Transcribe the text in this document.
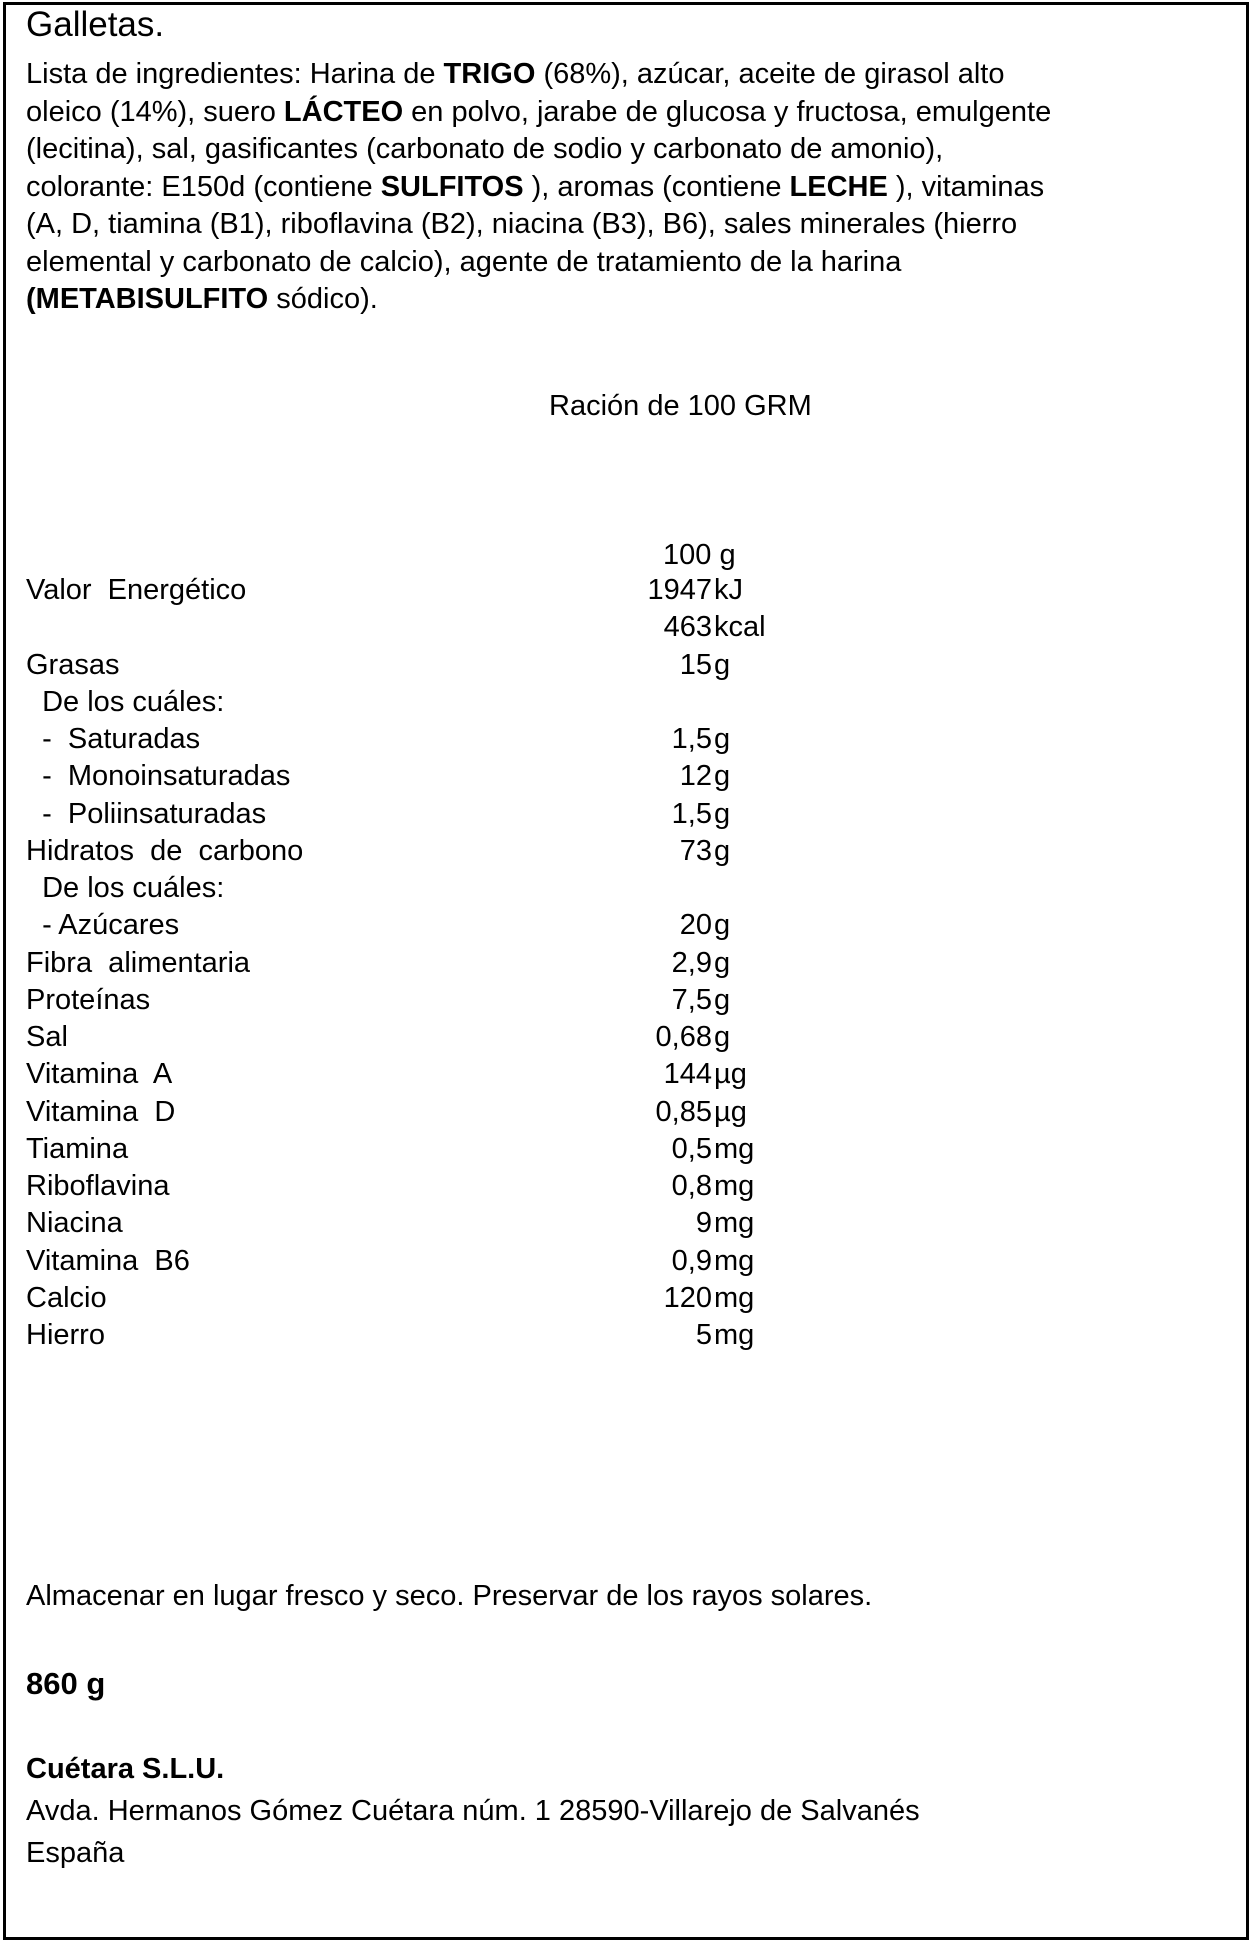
Galletas.
Lista de ingredientes: Harina de TRIGO (68%), azúcar, aceite de girasol alto
oleico (14%), suero LÁCTEO en polvo, jarabe de glucosa y fructosa, emulgente
(lecitina), sal, gasificantes (carbonato de sodio y carbonato de amonio),
colorante: E150d (contiene SULFITOS ), aromas (contiene LECHE ), vitaminas
(A, D, tiamina (B1), riboflavina (B2), niacina (B3), B6), sales minerales (hierro
elemental y carbonato de calcio), agente de tratamiento de la harina
(METABISULFITO sódico).
Ración de 100 GRM
100 g
Valor  Energético	1947 kJ
463 kcal
Grasas	15 g
De los cuáles:
-  Saturadas	1,5 g
-  Monoinsaturadas	12 g
-  Poliinsaturadas	1,5 g
Hidratos  de  carbono	73 g
De los cuáles:
- Azúcares	20 g
Fibra  alimentaria	2,9 g
Proteínas	7,5 g
Sal	0,68 g
Vitamina  A	144 µg
Vitamina  D	0,85 µg
Tiamina	0,5 mg
Riboflavina	0,8 mg
Niacina	9 mg
Vitamina  B6	0,9 mg
Calcio	120 mg
Hierro	5 mg
Almacenar en lugar fresco y seco. Preservar de los rayos solares.
860 g
Cuétara S.L.U.
Avda. Hermanos Gómez Cuétara núm. 1 28590-Villarejo de Salvanés
España
